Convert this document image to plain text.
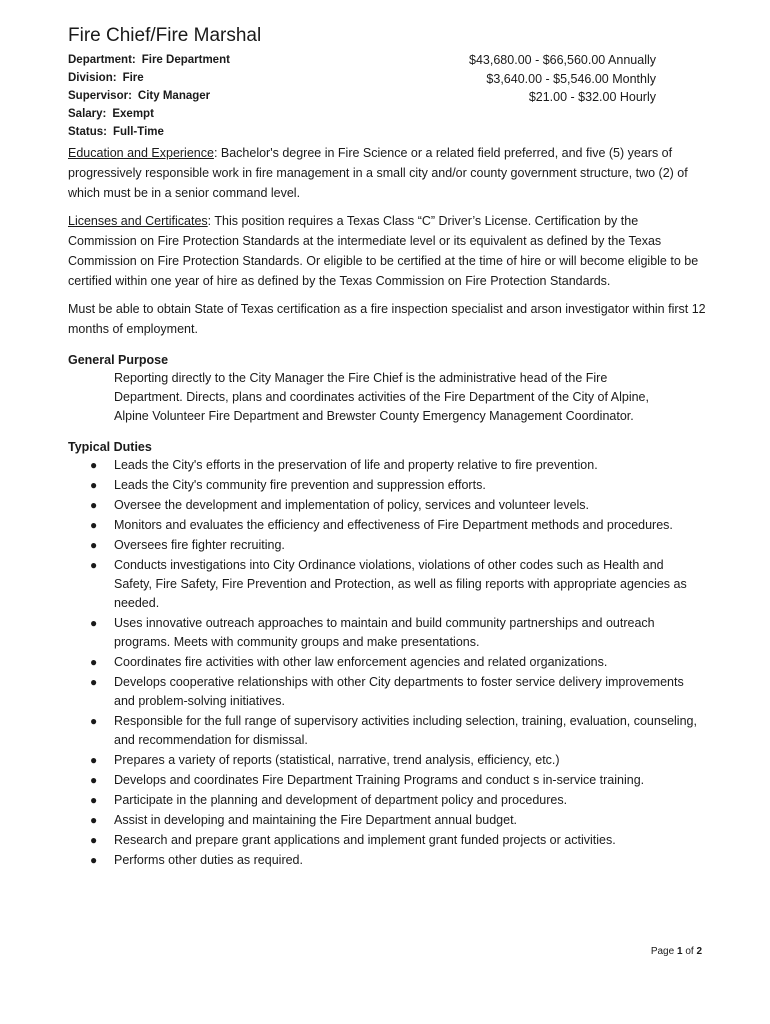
Fire Chief/Fire Marshal
Department: Fire Department
Division: Fire
Supervisor: City Manager
Salary: Exempt
Status: Full-Time
$43,680.00 - $66,560.00 Annually
$3,640.00 - $5,546.00 Monthly
$21.00 - $32.00 Hourly

Education and Experience: Bachelor's degree in Fire Science or a related field preferred, and five (5) years of progressively responsible work in fire management in a small city and/or county government structure, two (2) of which must be in a senior command level.

Licenses and Certificates: This position requires a Texas Class “C” Driver’s License. Certification by the Commission on Fire Protection Standards at the intermediate level or its equivalent as defined by the Texas Commission on Fire Protection Standards. Or eligible to be certified at the time of hire or will become eligible to be certified within one year of hire as defined by the Texas Commission on Fire Protection Standards.

Must be able to obtain State of Texas certification as a fire inspection specialist and arson investigator within first 12 months of employment.

General Purpose
Reporting directly to the City Manager the Fire Chief is the administrative head of the Fire Department. Directs, plans and coordinates activities of the Fire Department of the City of Alpine, Alpine Volunteer Fire Department and Brewster County Emergency Management Coordinator.
Typical Duties
● Leads the City's efforts in the preservation of life and property relative to fire prevention.
● Leads the City's community fire prevention and suppression efforts.
● Oversee the development and implementation of policy, services and volunteer levels.
● Monitors and evaluates the efficiency and effectiveness of Fire Department methods and procedures.
● Oversees fire fighter recruiting.
● Conducts investigations into City Ordinance violations, violations of other codes such as Health and Safety, Fire Safety, Fire Prevention and Protection, as well as filing reports with appropriate agencies as needed.
● Uses innovative outreach approaches to maintain and build community partnerships and outreach programs. Meets with community groups and make presentations.
● Coordinates fire activities with other law enforcement agencies and related organizations.
● Develops cooperative relationships with other City departments to foster service delivery improvements and problem-solving initiatives.
● Responsible for the full range of supervisory activities including selection, training, evaluation, counseling, and recommendation for dismissal.
● Prepares a variety of reports (statistical, narrative, trend analysis, efficiency, etc.)
● Develops and coordinates Fire Department Training Programs and conduct s in-service training.
● Participate in the planning and development of department policy and procedures.
● Assist in developing and maintaining the Fire Department annual budget.
● Research and prepare grant applications and implement grant funded projects or activities.
● Performs other duties as required.
Page 1 of 2
